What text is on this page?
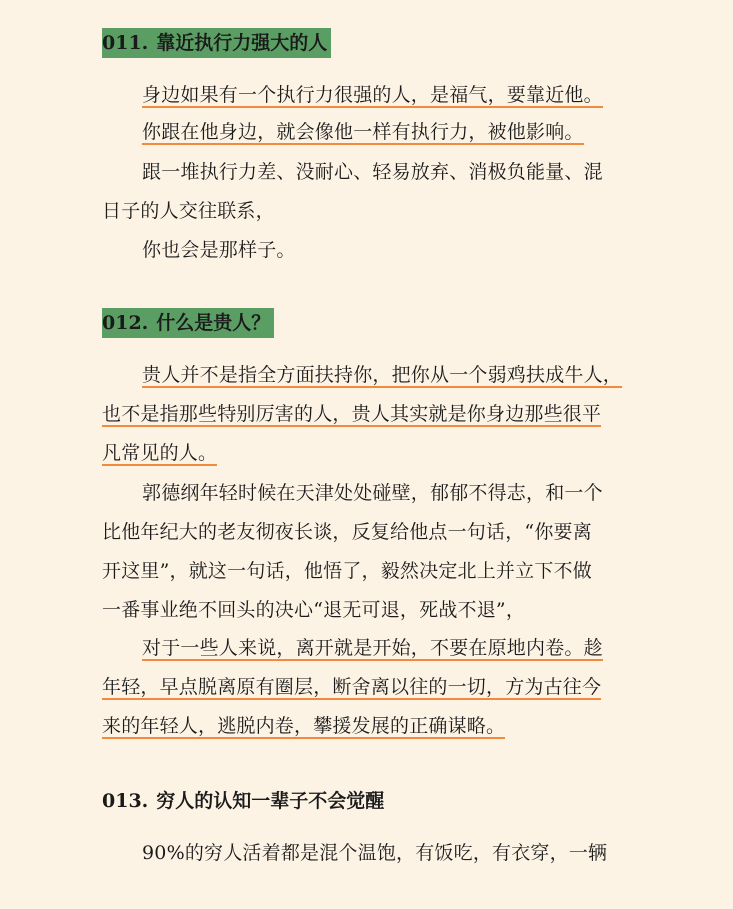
011. 靠近执行力强大的人
身边如果有一个执行力很强的人，是福气，要靠近他。
你跟在他身边，就会像他一样有执行力，被他影响。
跟一堆执行力差、没耐心、轻易放弃、消极负能量、混
日子的人交往联系，
你也会是那样子。
012. 什么是贵人？
贵人并不是指全方面扶持你，把你从一个弱鸡扶成牛人，
也不是指那些特别厉害的人，贵人其实就是你身边那些很平
凡常见的人。
郭德纲年轻时候在天津处处碰壁，郁郁不得志，和一个
比他年纪大的老友彻夜长谈，反复给他点一句话，“你要离
开这里”，就这一句话，他悟了，毅然决定北上并立下不做
一番事业绝不回头的决心“退无可退，死战不退”，
对于一些人来说，离开就是开始，不要在原地内卷。趁
年轻，早点脱离原有圈层，断舍离以往的一切，方为古往今
来的年轻人，逃脱内卷，攀援发展的正确谋略。
013. 穷人的认知一辈子不会觉醒
90%的穷人活着都是混个温饱，有饭吃，有衣穿，一辆
